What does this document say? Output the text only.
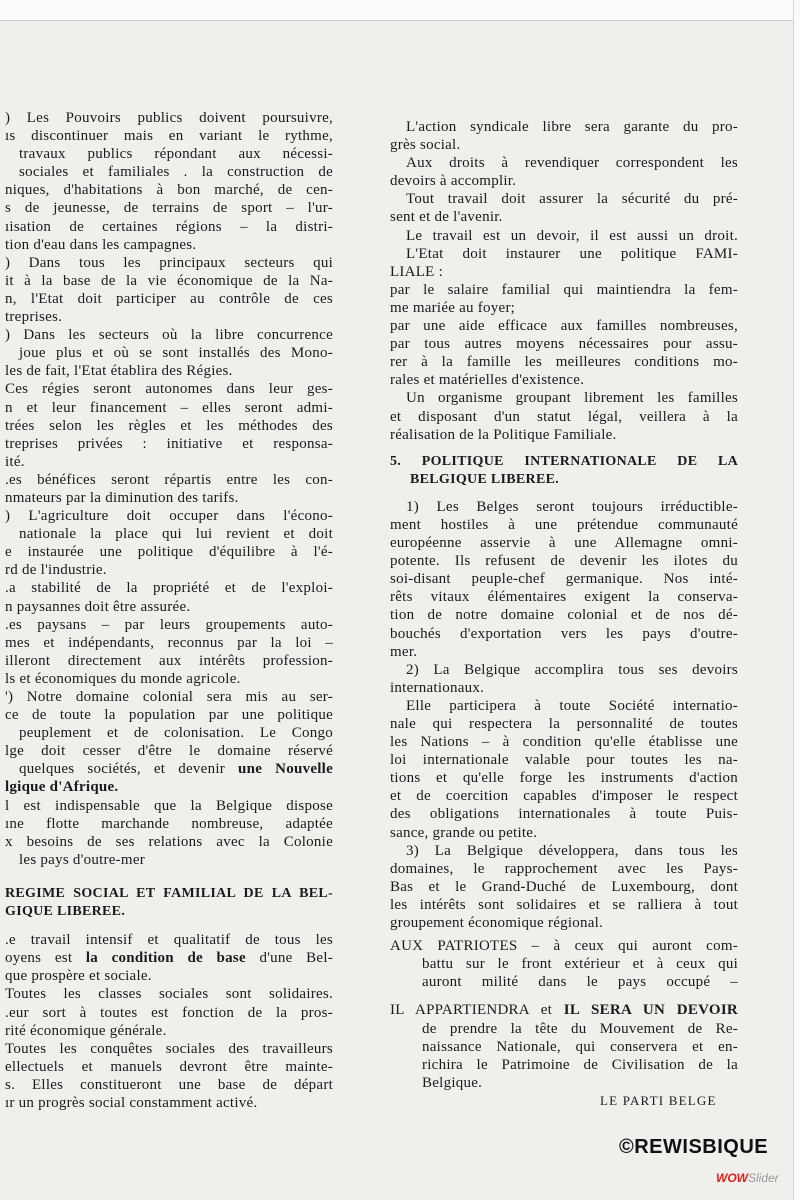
) Les Pouvoirs publics doivent poursuivre,
ıs discontinuer mais en variant le rythme,
travaux publics répondant aux nécessi-
sociales et familiales . la construction de
niques, d'habitations à bon marché, de cen-
s de jeunesse, de terrains de sport – l'ur-
ıisation de certaines régions – la distri-
tion d'eau dans les campagnes.
) Dans tous les principaux secteurs qui
it à la base de la vie économique de la Na-
n, l'Etat doit participer au contrôle de ces
treprises.
) Dans les secteurs où la libre concurrence
joue plus et où se sont installés des Mono-
les de fait, l'Etat établira des Régies.
Ces régies seront autonomes dans leur ges-
n et leur financement – elles seront admi-
trées selon les règles et les méthodes des
treprises privées : initiative et responsa-
ité.
.es bénéfices seront répartis entre les con-
nmateurs par la diminution des tarifs.
) L'agriculture doit occuper dans l'écono-
nationale la place qui lui revient et doit
e instaurée une politique d'équilibre à l'é-
rd de l'industrie.
.a stabilité de la propriété et de l'exploi-
n paysannes doit être assurée.
.es paysans – par leurs groupements auto-
mes et indépendants, reconnus par la loi –
illeront directement aux intérêts profession-
ls et économiques du monde agricole.
') Notre domaine colonial sera mis au ser-
ce de toute la population par une politique
peuplement et de colonisation. Le Congo
lge doit cesser d'être le domaine réservé
quelques sociétés, et devenir une Nouvelle
lgique d'Afrique.
l est indispensable que la Belgique dispose
ıne flotte marchande nombreuse, adaptée
x besoins de ses relations avec la Colonie
les pays d'outre-mer
REGIME SOCIAL ET FAMILIAL DE LA BEL-
GIQUE LIBEREE.
.e travail intensif et qualitatif de tous les
oyens est la condition de base d'une Bel-
que prospère et sociale.
Toutes les classes sociales sont solidaires.
.eur sort à toutes est fonction de la pros-
rité économique générale.
Toutes les conquêtes sociales des travailleurs
ellectuels et manuels devront être mainte-
s. Elles constitueront une base de départ
ır un progrès social constamment activé.
L'action syndicale libre sera garante du pro-
grès social.
Aux droits à revendiquer correspondent les
devoirs à accomplir.
Tout travail doit assurer la sécurité du pré-
sent et de l'avenir.
Le travail est un devoir, il est aussi un droit.
L'Etat doit instaurer une politique FAMI-
LIALE :
par le salaire familial qui maintiendra la fem-
me mariée au foyer;
par une aide efficace aux familles nombreuses,
par tous autres moyens nécessaires pour assu-
rer à la famille les meilleures conditions mo-
rales et matérielles d'existence.
Un organisme groupant librement les familles
et disposant d'un statut légal, veillera à la
réalisation de la Politique Familiale.
5. POLITIQUE INTERNATIONALE DE LA
BELGIQUE LIBEREE.
1) Les Belges seront toujours irréductible-
ment hostiles à une prétendue communauté
européenne asservie à une Allemagne omni-
potente. Ils refusent de devenir les ilotes du
soi-disant peuple-chef germanique. Nos inté-
rêts vitaux élémentaires exigent la conserva-
tion de notre domaine colonial et de nos dé-
bouchés d'exportation vers les pays d'outre-
mer.
2) La Belgique accomplira tous ses devoirs
internationaux.
Elle participera à toute Société internatio-
nale qui respectera la personnalité de toutes
les Nations – à condition qu'elle établisse une
loi internationale valable pour toutes les na-
tions et qu'elle forge les instruments d'action
et de coercition capables d'imposer le respect
des obligations internationales à toute Puis-
sance, grande ou petite.
3) La Belgique développera, dans tous les
domaines, le rapprochement avec les Pays-
Bas et le Grand-Duché de Luxembourg, dont
les intérêts sont solidaires et se ralliera à tout
groupement économique régional.
AUX PATRIOTES – à ceux qui auront com-
battu sur le front extérieur et à ceux qui
auront milité dans le pays occupé –
IL APPARTIENDRA et IL SERA UN DEVOIR
de prendre la tête du Mouvement de Re-
naissance Nationale, qui conservera et en-
richira le Patrimoine de Civilisation de la
Belgique.
LE PARTI BELGE
©REWISBIQUE
WOWSlider
